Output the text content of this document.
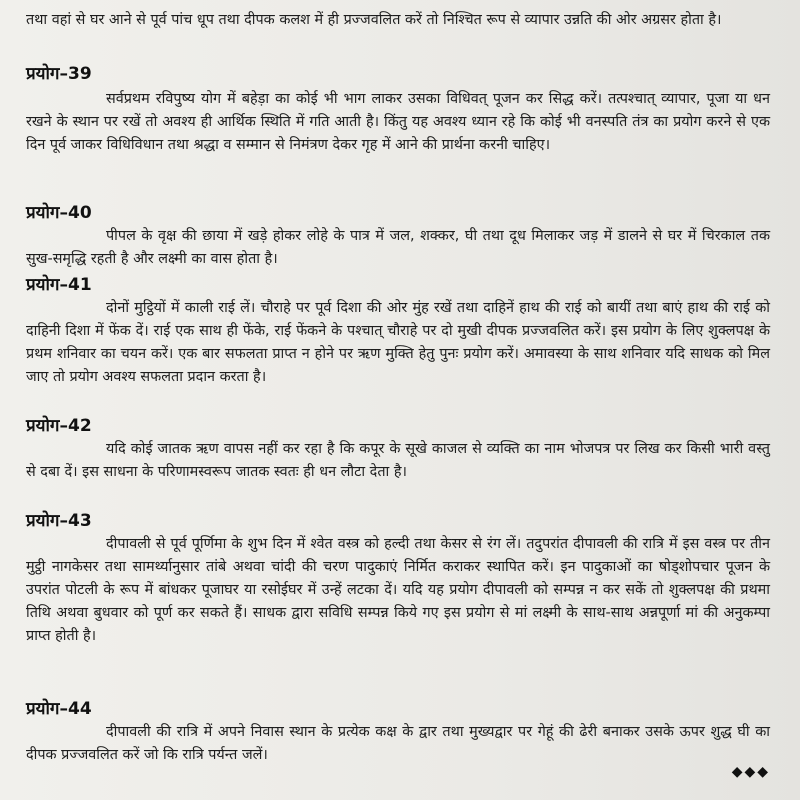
तथा वहां से घर आने से पूर्व पांच धूप तथा दीपक कलश में ही प्रज्जवलित करें तो निश्चित रूप से व्यापार उन्नति की ओर अग्रसर होता है।

प्रयोग–39

सर्वप्रथम रविपुष्य योग में बहेड़ा का कोई भी भाग लाकर उसका विधिवत् पूजन कर सिद्ध करें। तत्पश्चात् व्यापार, पूजा या धन रखने के स्थान पर रखें तो अवश्य ही आर्थिक स्थिति में गति आती है। किंतु यह अवश्य ध्यान रहे कि कोई भी वनस्पति तंत्र का प्रयोग करने से एक दिन पूर्व जाकर विधिविधान तथा श्रद्धा व सम्मान से निमंत्रण देकर गृह में आने की प्रार्थना करनी चाहिए।

प्रयोग–40

पीपल के वृक्ष की छाया में खड़े होकर लोहे के पात्र में जल, शक्कर, घी तथा दूध मिलाकर जड़ में डालने से घर में चिरकाल तक सुख-समृद्धि रहती है और लक्ष्मी का वास होता है।

प्रयोग–41

दोनों मुट्ठियों में काली राई लें। चौराहे पर पूर्व दिशा की ओर मुंह रखें तथा दाहिनें हाथ की राई को बायीं तथा बाएं हाथ की राई को दाहिनी दिशा में फेंक दें। राई एक साथ ही फेंके, राई फेंकने के पश्चात् चौराहे पर दो मुखी दीपक प्रज्जवलित करें। इस प्रयोग के लिए शुक्लपक्ष के प्रथम शनिवार का चयन करें। एक बार सफलता प्राप्त न होने पर ऋण मुक्ति हेतु पुनः प्रयोग करें। अमावस्या के साथ शनिवार यदि साधक को मिल जाए तो प्रयोग अवश्य सफलता प्रदान करता है।

प्रयोग–42

यदि कोई जातक ऋण वापस नहीं कर रहा है कि कपूर के सूखे काजल से व्यक्ति का नाम भोजपत्र पर लिख कर किसी भारी वस्तु से दबा दें। इस साधना के परिणामस्वरूप जातक स्वतः ही धन लौटा देता है।

प्रयोग–43

दीपावली से पूर्व पूर्णिमा के शुभ दिन में श्वेत वस्त्र को हल्दी तथा केसर से रंग लें। तदुपरांत दीपावली की रात्रि में इस वस्त्र पर तीन मुट्ठी नागकेसर तथा सामर्थ्यानुसार तांबे अथवा चांदी की चरण पादुकाएं निर्मित कराकर स्थापित करें। इन पादुकाओं का षोड्शोपचार पूजन के उपरांत पोटली के रूप में बांधकर पूजाघर या रसोईघर में उन्हें लटका दें। यदि यह प्रयोग दीपावली को सम्पन्न न कर सकें तो शुक्लपक्ष की प्रथमा तिथि अथवा बुधवार को पूर्ण कर सकते हैं। साधक द्वारा सविधि सम्पन्न किये गए इस प्रयोग से मां लक्ष्मी के साथ-साथ अन्नपूर्णा मां की अनुकम्पा प्राप्त होती है।

प्रयोग–44

दीपावली की रात्रि में अपने निवास स्थान के प्रत्येक कक्ष के द्वार तथा मुख्यद्वार पर गेहूं की ढेरी बनाकर उसके ऊपर शुद्ध घी का दीपक प्रज्जवलित करें जो कि रात्रि पर्यन्त जलें।

◆◆◆
